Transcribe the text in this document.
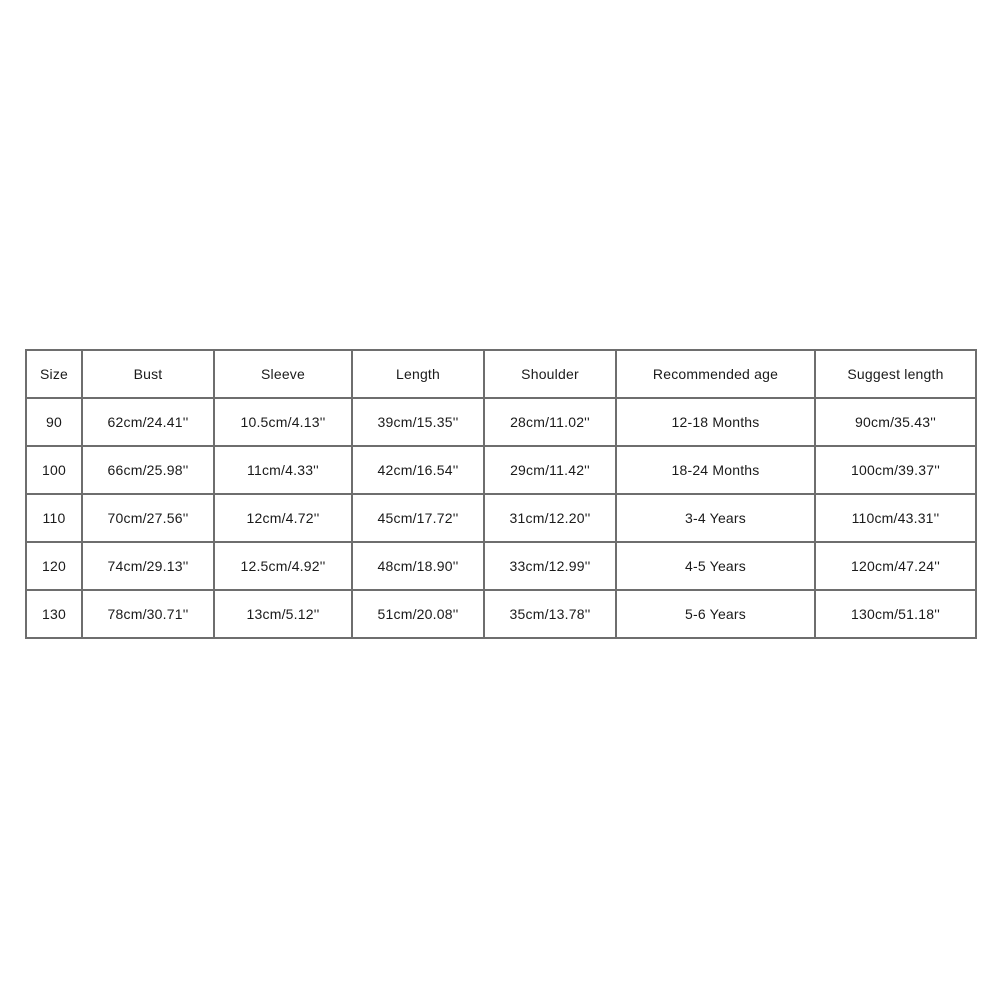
Size	Bust	Sleeve	Length	Shoulder	Recommended age	Suggest length
90	62cm/24.41''	10.5cm/4.13''	39cm/15.35''	28cm/11.02''	12-18 Months	90cm/35.43''
100	66cm/25.98''	11cm/4.33''	42cm/16.54''	29cm/11.42''	18-24 Months	100cm/39.37''
110	70cm/27.56''	12cm/4.72''	45cm/17.72''	31cm/12.20''	3-4 Years	110cm/43.31''
120	74cm/29.13''	12.5cm/4.92''	48cm/18.90''	33cm/12.99''	4-5 Years	120cm/47.24''
130	78cm/30.71''	13cm/5.12''	51cm/20.08''	35cm/13.78''	5-6 Years	130cm/51.18''
